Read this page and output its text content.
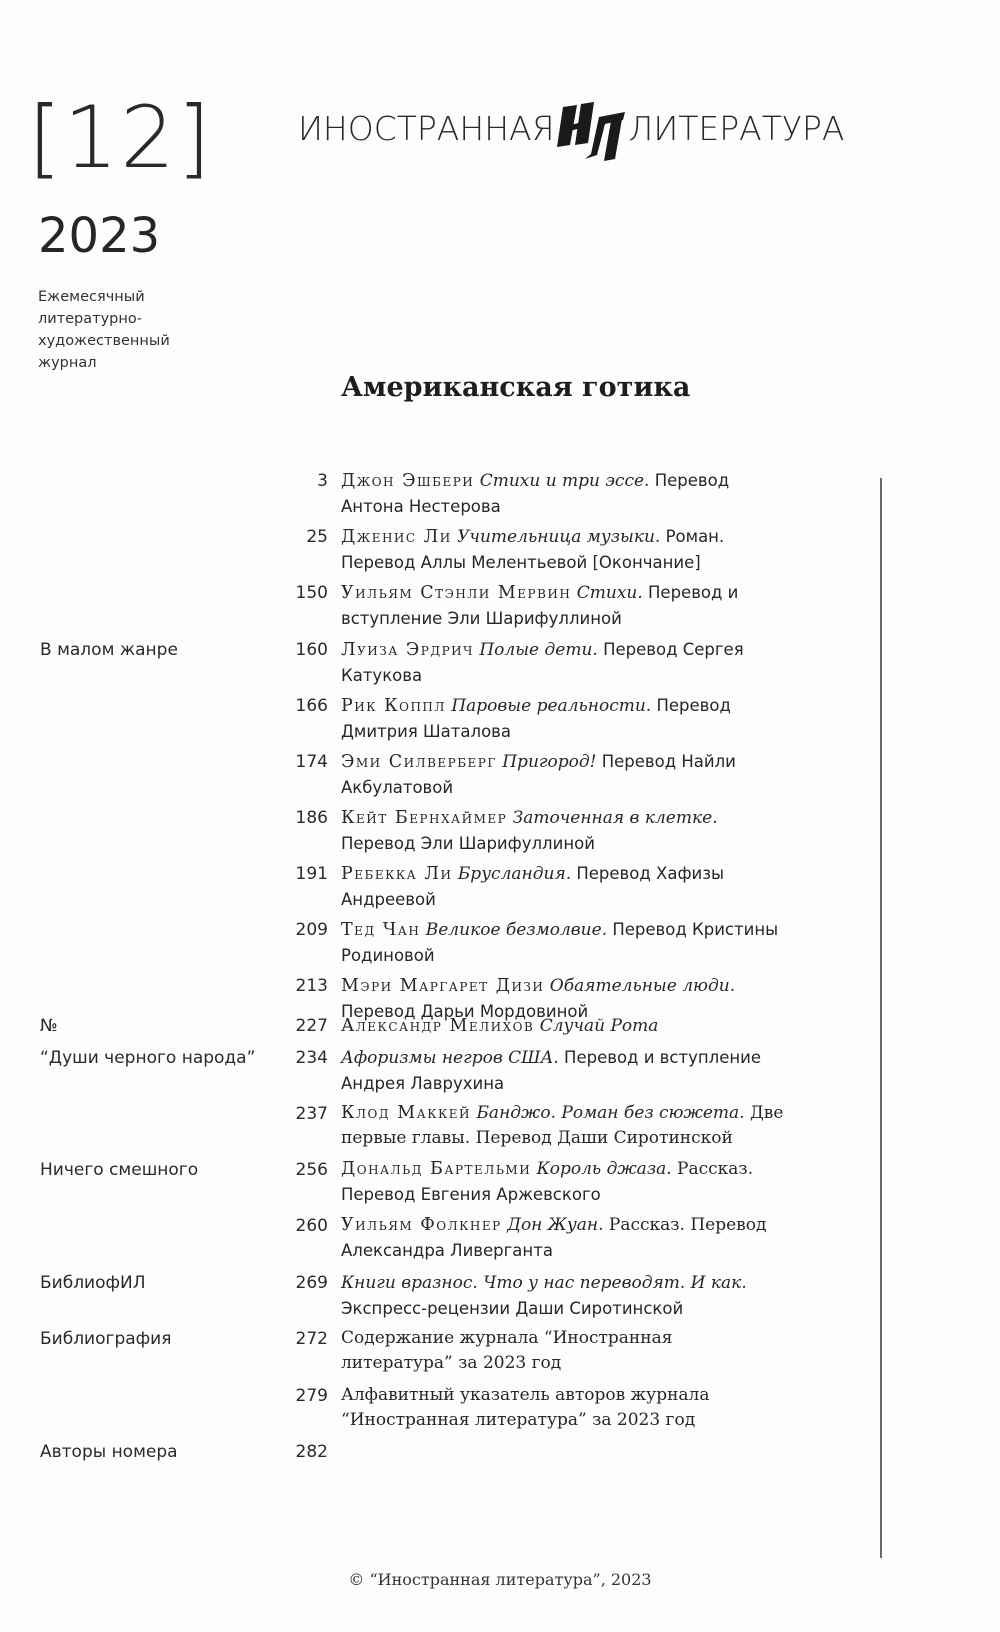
[12]
2023
Ежемесячный
литературно-
художественный
журнал
ИНОСТРАННАЯ	ИЛ ЛИТЕРАТУРА
Американская готика
В малом жанре
№
“Души черного народа”
Ничего смешного
БиблиофИЛ
Библиография
Авторы номера
3 Джон Эшбери Стихи и три эссе. Перевод
Антона Нестерова
25 Дженис Ли Учительница музыки. Роман.
Перевод Аллы Мелентьевой [Окончание]
150 Уильям Стэнли Мервин Стихи. Перевод и
вступление Эли Шарифуллиной
160 Луиза Эрдрич Полые дети. Перевод Сергея
Катукова
166 Рик Коппл Паровые реальности. Перевод
Дмитрия Шаталова
174 Эми Силверберг Пригород! Перевод Найли
Акбулатовой
186 Кейт Бернхаймер Заточенная в клетке.
Перевод Эли Шарифуллиной
191 Ребекка Ли Бруслaндия. Перевод Хафизы
Андреевой
209 Тед Чан Великое безмолвие. Перевод Кристины
Родиновой
213 Мэри Маргарет Дизи Обаятельные люди.
Перевод Дарьи Мордовиной
227 Александр Мелихов Случай Рота
234 Афоризмы негров США. Перевод и вступление
Андрея Лаврухина
237 Клод Маккей Банджо. Роман без сюжета. Две
первые главы. Перевод Даши Сиротинской
256 Дональд Бартельми Король джаза. Рассказ.
Перевод Евгения Аржевского
260 Уильям Фолкнер Дон Жуан. Рассказ. Перевод
Александра Ливерганта
269 Книги вразнос. Что у нас переводят. И как.
Экспресс-рецензии Даши Сиротинской
272 Содержание журнала “Иностранная
литература” за 2023 год
279 Алфавитный указатель авторов журнала
“Иностранная литература” за 2023 год
282
© “Иностранная литература”, 2023
